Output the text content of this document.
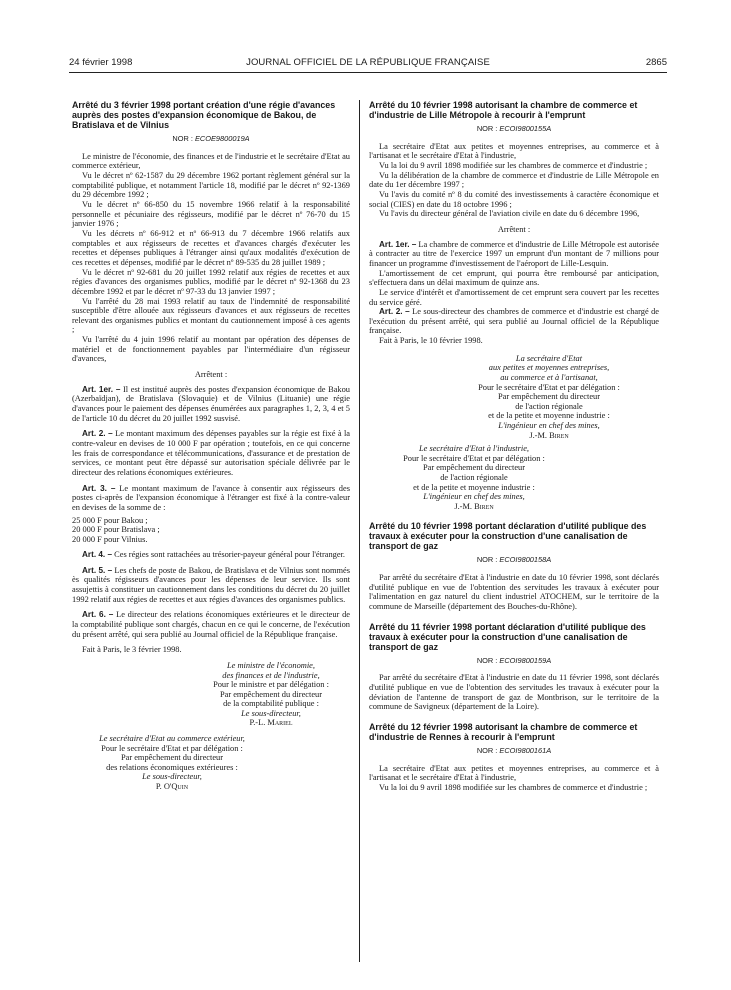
24 février 1998	JOURNAL OFFICIEL DE LA RÉPUBLIQUE FRANÇAISE	2865
Arrêté du 3 février 1998 portant création d'une régie d'avances auprès des postes d'expansion économique de Bakou, de Bratislava et de Vilnius
NOR : ECOE9800019A

Le ministre de l'économie, des finances et de l'industrie et le secrétaire d'Etat au commerce extérieur,

Vu le décret nº 62-1587 du 29 décembre 1962 portant règlement général sur la comptabilité publique, et notamment l'article 18, modifié par le décret nº 92-1369 du 29 décembre 1992 ;

Vu le décret nº 66-850 du 15 novembre 1966 relatif à la responsabilité personnelle et pécuniaire des régisseurs, modifié par le décret nº 76-70 du 15 janvier 1976 ;

Vu les décrets nº 66-912 et nº 66-913 du 7 décembre 1966 relatifs aux comptables et aux régisseurs de recettes et d'avances chargés d'exécuter les recettes et dépenses publiques à l'étranger ainsi qu'aux modalités d'exécution de ces recettes et dépenses, modifié par le décret nº 89-535 du 28 juillet 1989 ;

Vu le décret nº 92-681 du 20 juillet 1992 relatif aux régies de recettes et aux régies d'avances des organismes publics, modifié par le décret nº 92-1368 du 23 décembre 1992 et par le décret nº 97-33 du 13 janvier 1997 ;

Vu l'arrêté du 28 mai 1993 relatif au taux de l'indemnité de responsabilité susceptible d'être allouée aux régisseurs d'avances et aux régisseurs de recettes relevant des organismes publics et montant du cautionnement imposé à ces agents ;

Vu l'arrêté du 4 juin 1996 relatif au montant par opération des dépenses de matériel et de fonctionnement payables par l'intermédiaire d'un régisseur d'avances,

Arrêtent :

Art. 1er. – Il est institué auprès des postes d'expansion économique de Bakou (Azerbaïdjan), de Bratislava (Slovaquie) et de Vilnius (Lituanie) une régie d'avances pour le paiement des dépenses énumérées aux paragraphes 1, 2, 3, 4 et 5 de l'article 10 du décret du 20 juillet 1992 susvisé.

Art. 2. – Le montant maximum des dépenses payables sur la régie est fixé à la contre-valeur en devises de 10 000 F par opération ; toutefois, en ce qui concerne les frais de correspondance et télécommunications, d'assurance et de prestation de services, ce montant peut être dépassé sur autorisation spéciale délivrée par le directeur des relations économiques extérieures.

Art. 3. – Le montant maximum de l'avance à consentir aux régisseurs des postes ci-après de l'expansion économique à l'étranger est fixé à la contre-valeur en devises de la somme de :

25 000 F pour Bakou ;
20 000 F pour Bratislava ;
20 000 F pour Vilnius.

Art. 4. – Ces régies sont rattachées au trésorier-payeur général pour l'étranger.

Art. 5. – Les chefs de poste de Bakou, de Bratislava et de Vilnius sont nommés ès qualités régisseurs d'avances pour les dépenses de leur service. Ils sont assujettis à constituer un cautionnement dans les conditions du décret du 20 juillet 1992 relatif aux régies de recettes et aux régies d'avances des organismes publics.

Art. 6. – Le directeur des relations économiques extérieures et le directeur de la comptabilité publique sont chargés, chacun en ce qui le concerne, de l'exécution du présent arrêté, qui sera publié au Journal officiel de la République française.

Fait à Paris, le 3 février 1998.

Le ministre de l'économie,
des finances et de l'industrie,
Pour le ministre et par délégation :
Par empêchement du directeur
de la comptabilité publique :
Le sous-directeur,
P.-L. Mariel
Le secrétaire d'Etat au commerce extérieur,
Pour le secrétaire d'Etat et par délégation :
Par empêchement du directeur
des relations économiques extérieures :
Le sous-directeur,
P. O'Quin
Arrêté du 10 février 1998 autorisant la chambre de commerce et d'industrie de Lille Métropole à recourir à l'emprunt
NOR : ECOI9800155A

La secrétaire d'Etat aux petites et moyennes entreprises, au commerce et à l'artisanat et le secrétaire d'Etat à l'industrie,

Vu la loi du 9 avril 1898 modifiée sur les chambres de commerce et d'industrie ;

Vu la délibération de la chambre de commerce et d'industrie de Lille Métropole en date du 1er décembre 1997 ;

Vu l'avis du comité nº 8 du comité des investissements à caractère économique et social (CIES) en date du 18 octobre 1996 ;

Vu l'avis du directeur général de l'aviation civile en date du 6 décembre 1996,

Arrêtent :

Art. 1er. – La chambre de commerce et d'industrie de Lille Métropole est autorisée à contracter au titre de l'exercice 1997 un emprunt d'un montant de 7 millions pour financer un programme d'investissement de l'aéroport de Lille-Lesquin.

L'amortissement de cet emprunt, qui pourra être remboursé par anticipation, s'effectuera dans un délai maximum de quinze ans.

Le service d'intérêt et d'amortissement de cet emprunt sera couvert par les recettes du service géré.

Art. 2. – Le sous-directeur des chambres de commerce et d'industrie est chargé de l'exécution du présent arrêté, qui sera publié au Journal officiel de la République française.

Fait à Paris, le 10 février 1998.

La secrétaire d'Etat
aux petites et moyennes entreprises,
au commerce et à l'artisanat,
Pour le secrétaire d'Etat et par délégation :
Par empêchement du directeur
de l'action régionale
et de la petite et moyenne industrie :
L'ingénieur en chef des mines,
J.-M. Biren
Le secrétaire d'Etat à l'industrie,
Pour le secrétaire d'Etat et par délégation :
Par empêchement du directeur
de l'action régionale
et de la petite et moyenne industrie :
L'ingénieur en chef des mines,
J.-M. Biren
Arrêté du 10 février 1998 portant déclaration d'utilité publique des travaux à exécuter pour la construction d'une canalisation de transport de gaz
NOR : ECOI9800158A

Par arrêté du secrétaire d'Etat à l'industrie en date du 10 février 1998, sont déclarés d'utilité publique en vue de l'obtention des servitudes les travaux à exécuter pour l'alimentation en gaz naturel du client industriel ATOCHEM, sur le territoire de la commune de Marseille (département des Bouches-du-Rhône).

Arrêté du 11 février 1998 portant déclaration d'utilité publique des travaux à exécuter pour la construction d'une canalisation de transport de gaz
NOR : ECOI9800159A

Par arrêté du secrétaire d'Etat à l'industrie en date du 11 février 1998, sont déclarés d'utilité publique en vue de l'obtention des servitudes les travaux à exécuter pour la déviation de l'antenne de transport de gaz de Montbrison, sur le territoire de la commune de Savigneux (département de la Loire).

Arrêté du 12 février 1998 autorisant la chambre de commerce et d'industrie de Rennes à recourir à l'emprunt
NOR : ECOI9800161A

La secrétaire d'Etat aux petites et moyennes entreprises, au commerce et à l'artisanat et le secrétaire d'Etat à l'industrie,

Vu la loi du 9 avril 1898 modifiée sur les chambres de commerce et d'industrie ;
